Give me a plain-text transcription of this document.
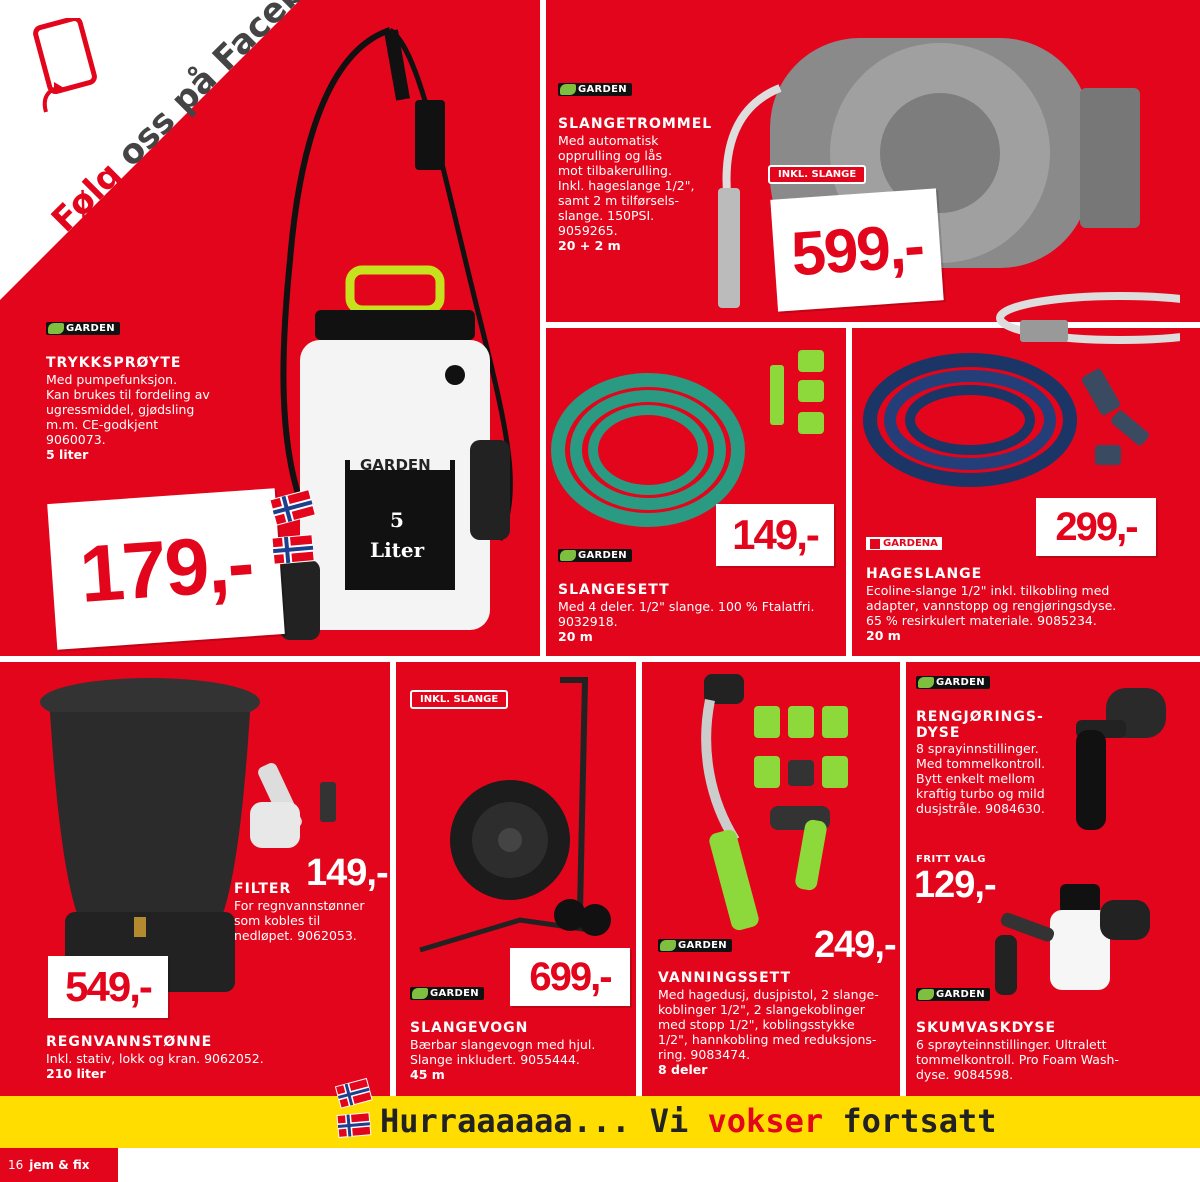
Følg
GARDEN
5
Liter
GARDEN
TRYKKSPRØYTE
Med pumpefunksjon.
Kan brukes til fordeling av
ugressmiddel, gjødsling
m.m. CE-godkjent
9060073.
5 liter
179,-
GARDEN
SLANGETROMMEL
Med automatisk
opprulling og lås
mot tilbakerulling.
Inkl. hageslange 1/2",
samt 2 m tilførsels-
slange. 150PSI.
9059265.
20 + 2 m
INKL. SLANGE
599,-
149,-
GARDEN
SLANGESETT
Med 4 deler. 1/2" slange. 100 % Ftalatfri.
9032918.
20 m
299,-
GARDENA
HAGESLANGE
Ecoline-slange 1/2" inkl. tilkobling med
adapter, vannstopp og rengjøringsdyse.
65 % resirkulert materiale. 9085234.
20 m
149,-
FILTER
For regnvannstønner
som kobles til
nedløpet. 9062053.
549,-
REGNVANNSTØNNE
Inkl. stativ, lokk og kran. 9062052.
210 liter
INKL. SLANGE
699,-
GARDEN
SLANGEVOGN
Bærbar slangevogn med hjul.
Slange inkludert. 9055444.
45 m
249,-
GARDEN
VANNINGSSETT
Med hagedusj, dusjpistol, 2 slange-
koblinger 1/2", 2 slangekoblinger
med stopp 1/2", koblingsstykke
1/2", hannkobling med reduksjons-
ring. 9083474.
8 deler
GARDEN
RENGJØRINGS-
DYSE
8 sprayinnstillinger.
Med tommelkontroll.
Bytt enkelt mellom
kraftig turbo og mild
dusjstråle. 9084630.
FRITT VALG
129,-
GARDEN
SKUMVASKDYSE
6 sprøyteinnstillinger. Ultralett
tommelkontroll. Pro Foam Wash-
dyse. 9084598.
Hurraaaaaa... Vi vokser fortsatt
16 jem & fix
